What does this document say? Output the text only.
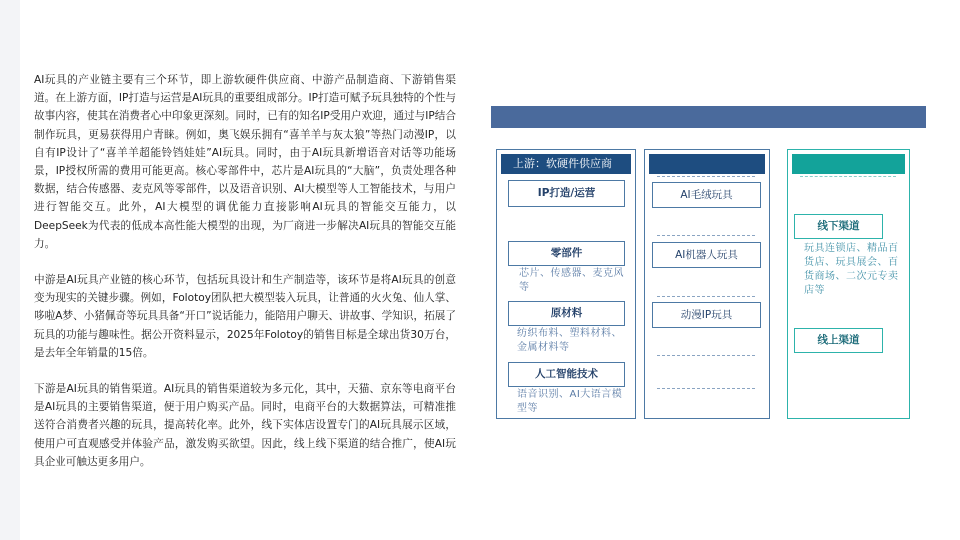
AI玩具的产业链主要有三个环节，即上游软硬件供应商、中游产品制造商、下游销售渠道。在上游方面，IP打造与运营是AI玩具的重要组成部分。IP打造可赋予玩具独特的个性与故事内容，使其在消费者心中印象更深刻。同时，已有的知名IP受用户欢迎，通过与IP结合制作玩具，更易获得用户青睐。例如，奥飞娱乐拥有“喜羊羊与灰太狼”等热门动漫IP，以自有IP设计了“喜羊羊超能铃铛娃娃”AI玩具。同时，由于AI玩具新增语音对话等功能场景，IP授权所需的费用可能更高。核心零部件中，芯片是AI玩具的“大脑”，负责处理各种数据，结合传感器、麦克风等零部件，以及语音识别、AI大模型等人工智能技术，与用户进行智能交互。此外，AI大模型的调优能力直接影响AI玩具的智能交互能力，以DeepSeek为代表的低成本高性能大模型的出现，为厂商进一步解决AI玩具的智能交互能力。

中游是AI玩具产业链的核心环节，包括玩具设计和生产制造等，该环节是将AI玩具的创意变为现实的关键步骤。例如，Folotoy团队把大模型装入玩具，让普通的火火兔、仙人掌、哆啦A梦、小猪佩奇等玩具具备“开口”说话能力，能陪用户聊天、讲故事、学知识，拓展了玩具的功能与趣味性。据公开资料显示，2025年Folotoy的销售目标是全球出货30万台，是去年全年销量的15倍。

下游是AI玩具的销售渠道。AI玩具的销售渠道较为多元化，其中，天猫、京东等电商平台是AI玩具的主要销售渠道，便于用户购买产品。同时，电商平台的大数据算法，可精准推送符合消费者兴趣的玩具，提高转化率。此外，线下实体店设置专门的AI玩具展示区域，使用户可直观感受并体验产品，激发购买欲望。因此，线上线下渠道的结合推广，使AI玩具企业可触达更多用户。

上游：软硬件供应商
IP打造/运营
零部件
芯片、传感器、麦克风等
原材料
纺织布料、塑料材料、金属材料等
人工智能技术
语音识别、AI大语言模型等
AI毛绒玩具
AI机器人玩具
动漫IP玩具
线下渠道
玩具连锁店、精品百货店、玩具展会、百货商场、二次元专卖店等
线上渠道
